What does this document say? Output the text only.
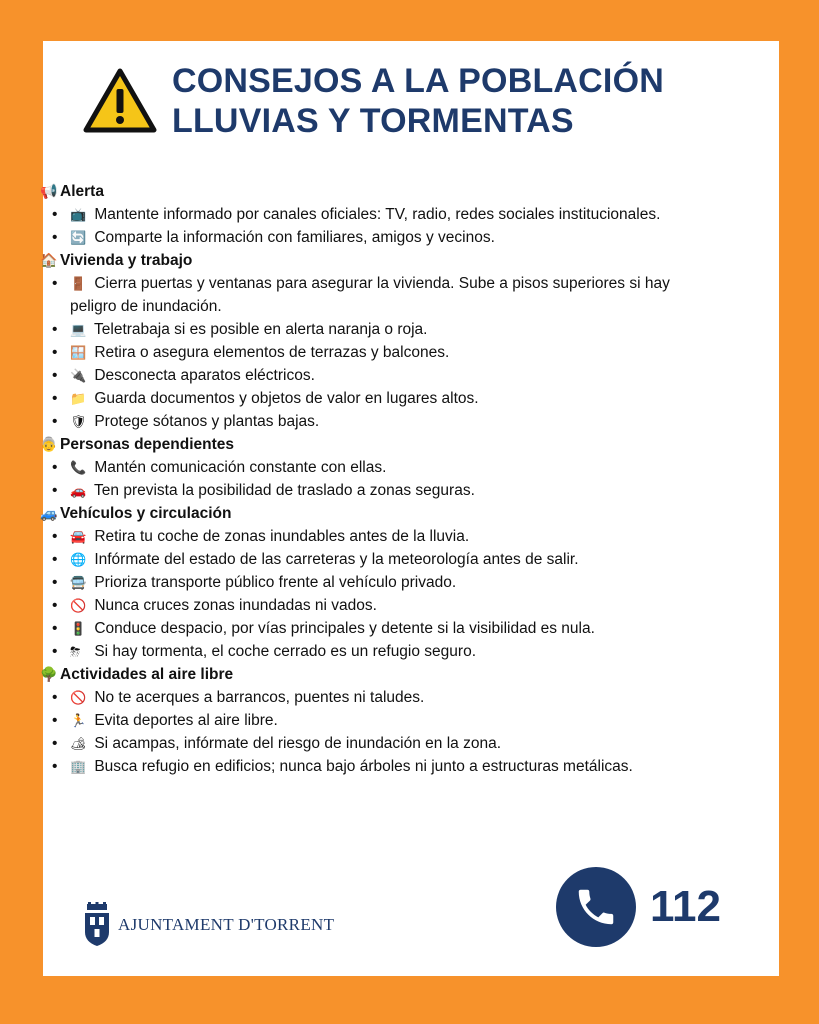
CONSEJOS A LA POBLACIÓN
LLUVIAS Y TORMENTAS
📢 Alerta
• 📺 Mantente informado por canales oficiales: TV, radio, redes sociales institucionales.
• 🔄 Comparte la información con familiares, amigos y vecinos.
🏠 Vivienda y trabajo
• 🚪 Cierra puertas y ventanas para asegurar la vivienda. Sube a pisos superiores si hay peligro de inundación.
• 💻 Teletrabaja si es posible en alerta naranja o roja.
• 🪟 Retira o asegura elementos de terrazas y balcones.
• 🔌 Desconecta aparatos eléctricos.
• 📁 Guarda documentos y objetos de valor en lugares altos.
• 🛡 Protege sótanos y plantas bajas.
👵 Personas dependientes
• 📞 Mantén comunicación constante con ellas.
• 🚗 Ten prevista la posibilidad de traslado a zonas seguras.
🚙 Vehículos y circulación
• 🚘 Retira tu coche de zonas inundables antes de la lluvia.
• 🌐 Infórmate del estado de las carreteras y la meteorología antes de salir.
• 🚍 Prioriza transporte público frente al vehículo privado.
• 🚫 Nunca cruces zonas inundadas ni vados.
• 🚦 Conduce despacio, por vías principales y detente si la visibilidad es nula.
• ⛈ Si hay tormenta, el coche cerrado es un refugio seguro.
🌳 Actividades al aire libre
• 🚫 No te acerques a barrancos, puentes ni taludes.
• 🏃 Evita deportes al aire libre.
• 🏕 Si acampas, infórmate del riesgo de inundación en la zona.
• 🏢 Busca refugio en edificios; nunca bajo árboles ni junto a estructuras metálicas.
AJUNTAMENT D'TORRENT	112
